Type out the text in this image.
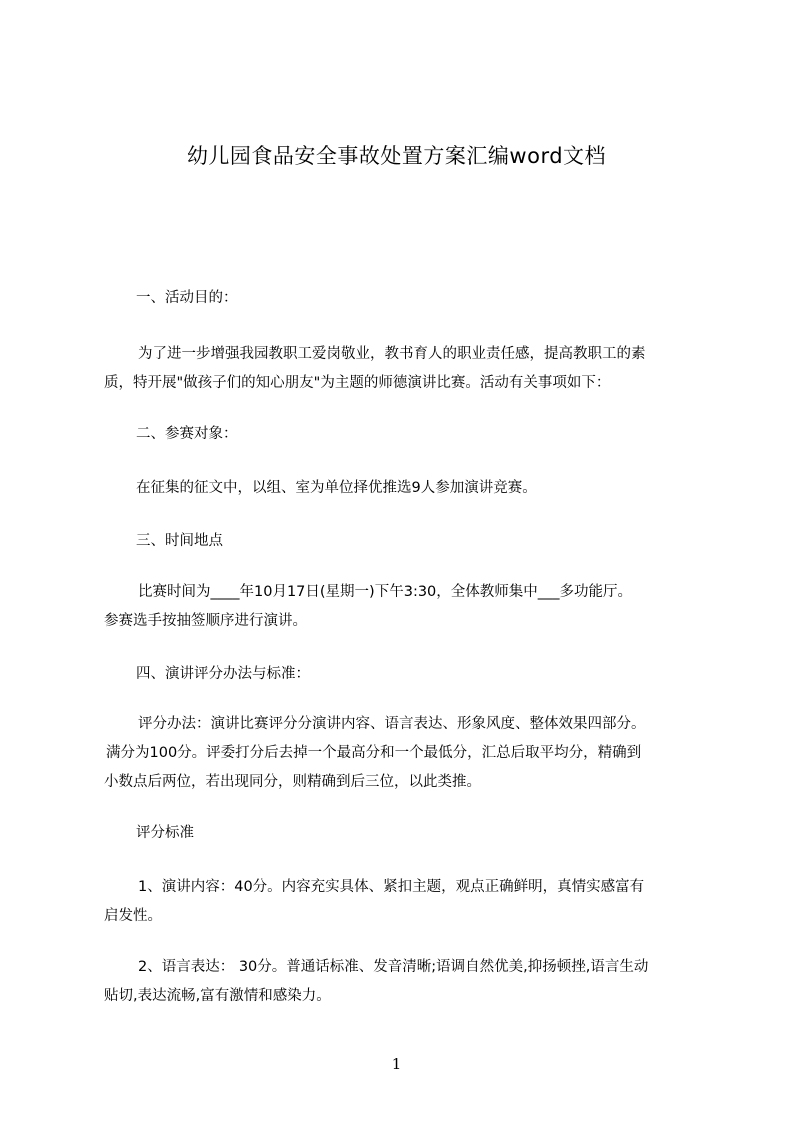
幼儿园食品安全事故处置方案汇编word文档
一、活动目的：
为了进一步增强我园教职工爱岗敬业，教书育人的职业责任感，提高教职工的素
质，特开展"做孩子们的知心朋友"为主题的师德演讲比赛。活动有关事项如下：
二、参赛对象：
在征集的征文中，以组、室为单位择优推选9人参加演讲竞赛。
三、时间地点
比赛时间为____年10月17日(星期一)下午3:30，全体教师集中___多功能厅。
参赛选手按抽签顺序进行演讲。
四、演讲评分办法与标准：
评分办法：演讲比赛评分分演讲内容、语言表达、形象风度、整体效果四部分。
满分为100分。评委打分后去掉一个最高分和一个最低分，汇总后取平均分，精确到
小数点后两位，若出现同分，则精确到后三位，以此类推。
评分标准
1、演讲内容：40分。内容充实具体、紧扣主题，观点正确鲜明，真情实感富有
启发性。
2、语言表达： 30分。普通话标准、发音清晰;语调自然优美,抑扬顿挫,语言生动
贴切,表达流畅,富有激情和感染力。
1
